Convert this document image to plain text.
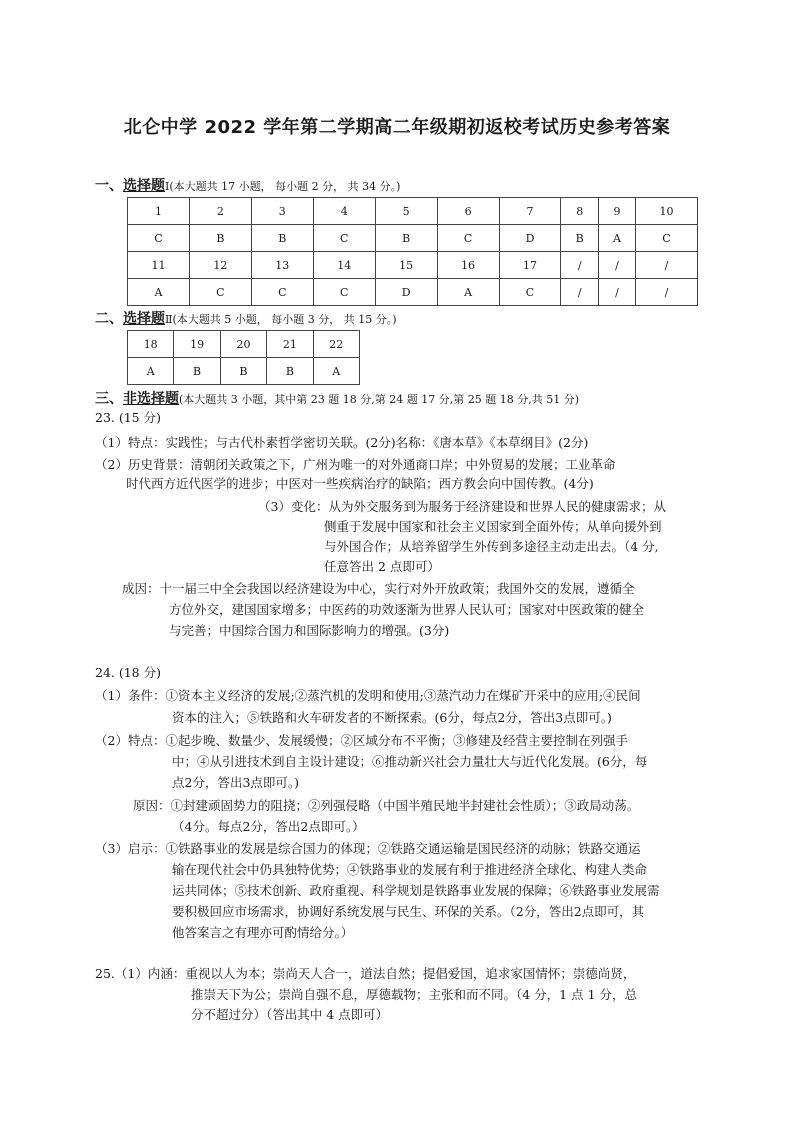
北仑中学 2022 学年第二学期高二年级期初返校考试历史参考答案
一、选择题Ⅰ(本大题共 17 小题， 每小题 2 分， 共 34 分。)
1	2	3	4	5	6	7	8	9	10
C	B	B	C	B	C	D	B	A	C
11	12	13	14	15	16	17	/	/	/
A	C	C	C	D	A	C	/	/	/
二、选择题Ⅱ(本大题共 5 小题， 每小题 3 分， 共 15 分。)
18	19	20	21	22
A	B	B	B	A
三、非选择题(本大题共 3 小题，其中第 23 题 18 分,第 24 题 17 分,第 25 题 18 分,共 51 分)
23. (15 分)
（1）特点：实践性；与古代朴素哲学密切关联。(2分)名称：《唐本草》《本草纲目》(2分)
（2）历史背景：清朝闭关政策之下，广州为唯一的对外通商口岸；中外贸易的发展；工业革命
时代西方近代医学的进步；中医对一些疾病治疗的缺陷；西方教会向中国传教。(4分)
（3）变化：从为外交服务到为服务于经济建设和世界人民的健康需求；从
侧重于发展中国家和社会主义国家到全面外传；从单向援外到
与外国合作；从培养留学生外传到多途径主动走出去。（4 分,
任意答出 2 点即可）
成因：十一届三中全会我国以经济建设为中心，实行对外开放政策；我国外交的发展，遵循全
方位外交，建国国家增多；中医药的功效逐渐为世界人民认可；国家对中医政策的健全
与完善；中国综合国力和国际影响力的增强。(3分)
24. (18 分)
（1）条件：①资本主义经济的发展;②蒸汽机的发明和使用;③蒸汽动力在煤矿开采中的应用;④民间
资本的注入；⑤铁路和火车研发者的不断探索。(6分，每点2分，答出3点即可。)
（2）特点：①起步晚、数量少、发展缓慢；②区域分布不平衡；③修建及经营主要控制在列强手
中；④从引进技术到自主设计建设；⑥推动新兴社会力量壮大与近代化发展。(6分，每
点2分，答出3点即可。)
原因：①封建顽固势力的阻挠；②列强侵略（中国半殖民地半封建社会性质）；③政局动荡。
（4分。每点2分，答出2点即可。）
（3）启示：①铁路事业的发展是综合国力的体现；②铁路交通运输是国民经济的动脉；铁路交通运
输在现代社会中仍具独特优势；④铁路事业的发展有利于推进经济全球化、构建人类命
运共同体；⑤技术创新、政府重视、科学规划是铁路事业发展的保障；⑥铁路事业发展需
要积极回应市场需求，协调好系统发展与民生、环保的关系。（2分，答出2点即可，其
他答案言之有理亦可酌情给分。）
25.（1）内涵：重视以人为本；崇尚天人合一，道法自然；提倡爱国，追求家国情怀；崇德尚贤，
推崇天下为公；崇尚自强不息，厚德载物；主张和而不同。（4 分，1 点 1 分，总
分不超过分）（答出其中 4 点即可）
